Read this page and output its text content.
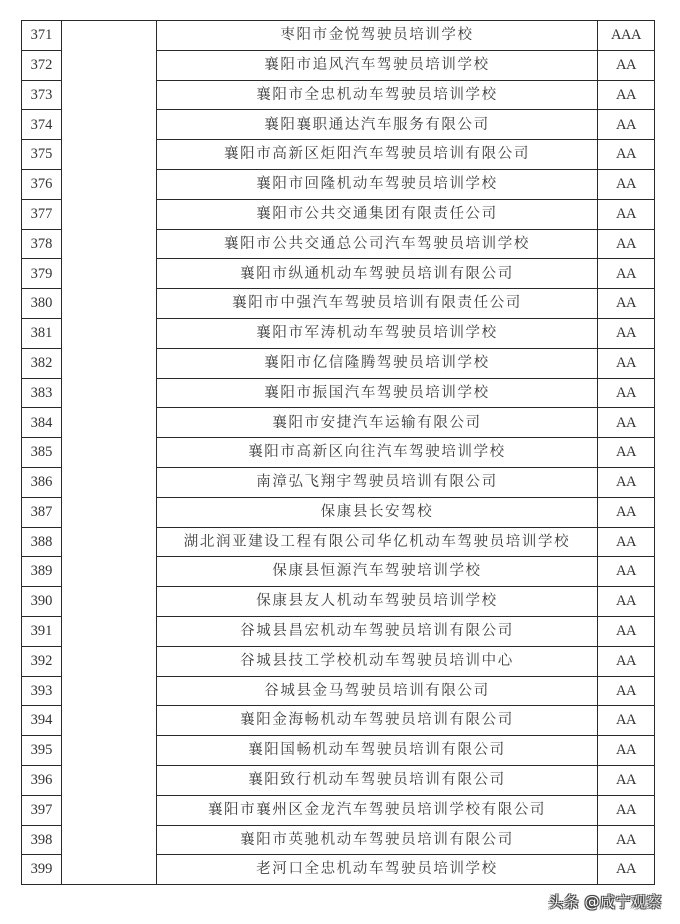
371		枣阳市金悦驾驶员培训学校	AAA
372		襄阳市追风汽车驾驶员培训学校	AA
373		襄阳市全忠机动车驾驶员培训学校	AA
374		襄阳襄职通达汽车服务有限公司	AA
375		襄阳市高新区炬阳汽车驾驶员培训有限公司	AA
376		襄阳市回隆机动车驾驶员培训学校	AA
377		襄阳市公共交通集团有限责任公司	AA
378		襄阳市公共交通总公司汽车驾驶员培训学校	AA
379		襄阳市纵通机动车驾驶员培训有限公司	AA
380		襄阳市中强汽车驾驶员培训有限责任公司	AA
381		襄阳市军涛机动车驾驶员培训学校	AA
382		襄阳市亿信隆腾驾驶员培训学校	AA
383		襄阳市振国汽车驾驶员培训学校	AA
384		襄阳市安捷汽车运输有限公司	AA
385		襄阳市高新区向往汽车驾驶培训学校	AA
386		南漳弘飞翔宇驾驶员培训有限公司	AA
387		保康县长安驾校	AA
388		湖北润亚建设工程有限公司华亿机动车驾驶员培训学校	AA
389		保康县恒源汽车驾驶培训学校	AA
390		保康县友人机动车驾驶员培训学校	AA
391		谷城县昌宏机动车驾驶员培训有限公司	AA
392		谷城县技工学校机动车驾驶员培训中心	AA
393		谷城县金马驾驶员培训有限公司	AA
394		襄阳金海畅机动车驾驶员培训有限公司	AA
395		襄阳国畅机动车驾驶员培训有限公司	AA
396		襄阳致行机动车驾驶员培训有限公司	AA
397		襄阳市襄州区金龙汽车驾驶员培训学校有限公司	AA
398		襄阳市英驰机动车驾驶员培训有限公司	AA
399		老河口全忠机动车驾驶员培训学校	AA
头条 @咸宁观察
